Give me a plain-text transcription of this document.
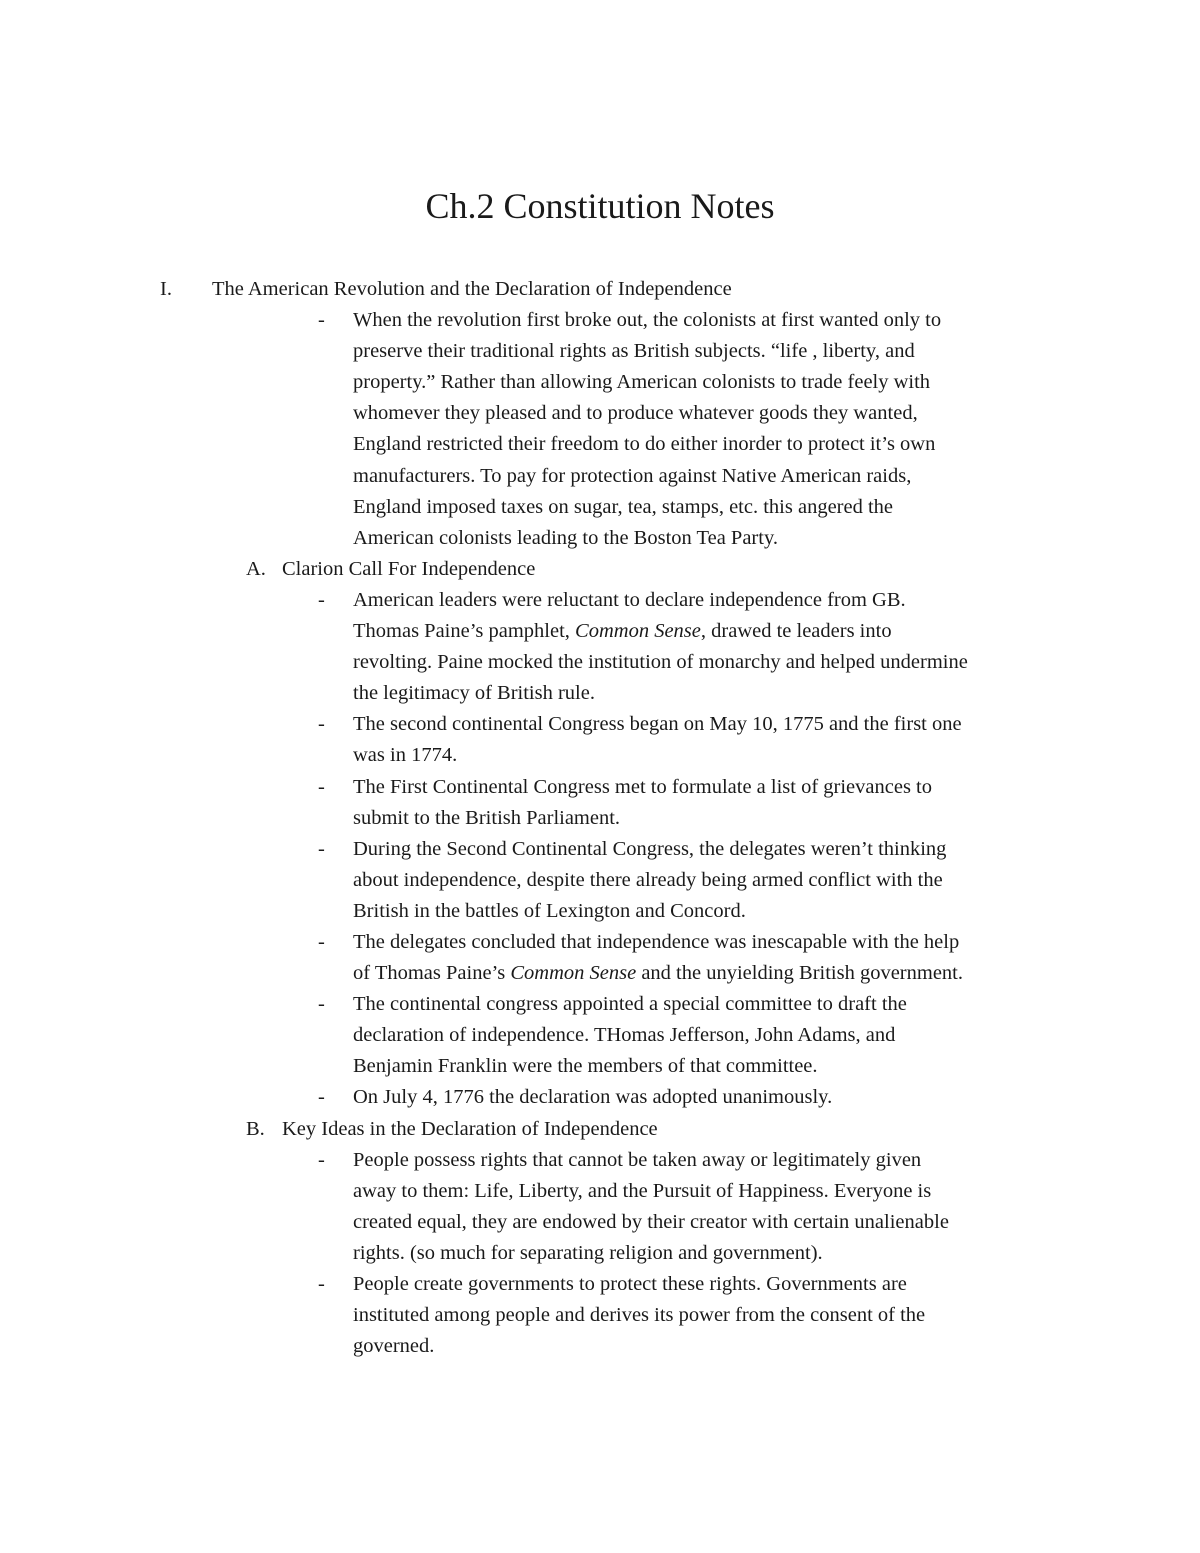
Ch.2 Constitution Notes
I. The American Revolution and the Declaration of Independence
- When the revolution first broke out, the colonists at first wanted only to
preserve their traditional rights as British subjects. “life , liberty, and
property.” Rather than allowing American colonists to trade feely with
whomever they pleased and to produce whatever goods they wanted,
England restricted their freedom to do either inorder to protect it’s own
manufacturers. To pay for protection against Native American raids,
England imposed taxes on sugar, tea, stamps, etc. this angered the
American colonists leading to the Boston Tea Party.
A. Clarion Call For Independence
- American leaders were reluctant to declare independence from GB.
Thomas Paine’s pamphlet, Common Sense, drawed te leaders into
revolting. Paine mocked the institution of monarchy and helped undermine
the legitimacy of British rule.
- The second continental Congress began on May 10, 1775 and the first one
was in 1774.
- The First Continental Congress met to formulate a list of grievances to
submit to the British Parliament.
- During the Second Continental Congress, the delegates weren’t thinking
about independence, despite there already being armed conflict with the
British in the battles of Lexington and Concord.
- The delegates concluded that independence was inescapable with the help
of Thomas Paine’s Common Sense and the unyielding British government.
- The continental congress appointed a special committee to draft the
declaration of independence. THomas Jefferson, John Adams, and
Benjamin Franklin were the members of that committee.
- On July 4, 1776 the declaration was adopted unanimously.
B. Key Ideas in the Declaration of Independence
- People possess rights that cannot be taken away or legitimately given
away to them: Life, Liberty, and the Pursuit of Happiness. Everyone is
created equal, they are endowed by their creator with certain unalienable
rights. (so much for separating religion and government).
- People create governments to protect these rights. Governments are
instituted among people and derives its power from the consent of the
governed.
